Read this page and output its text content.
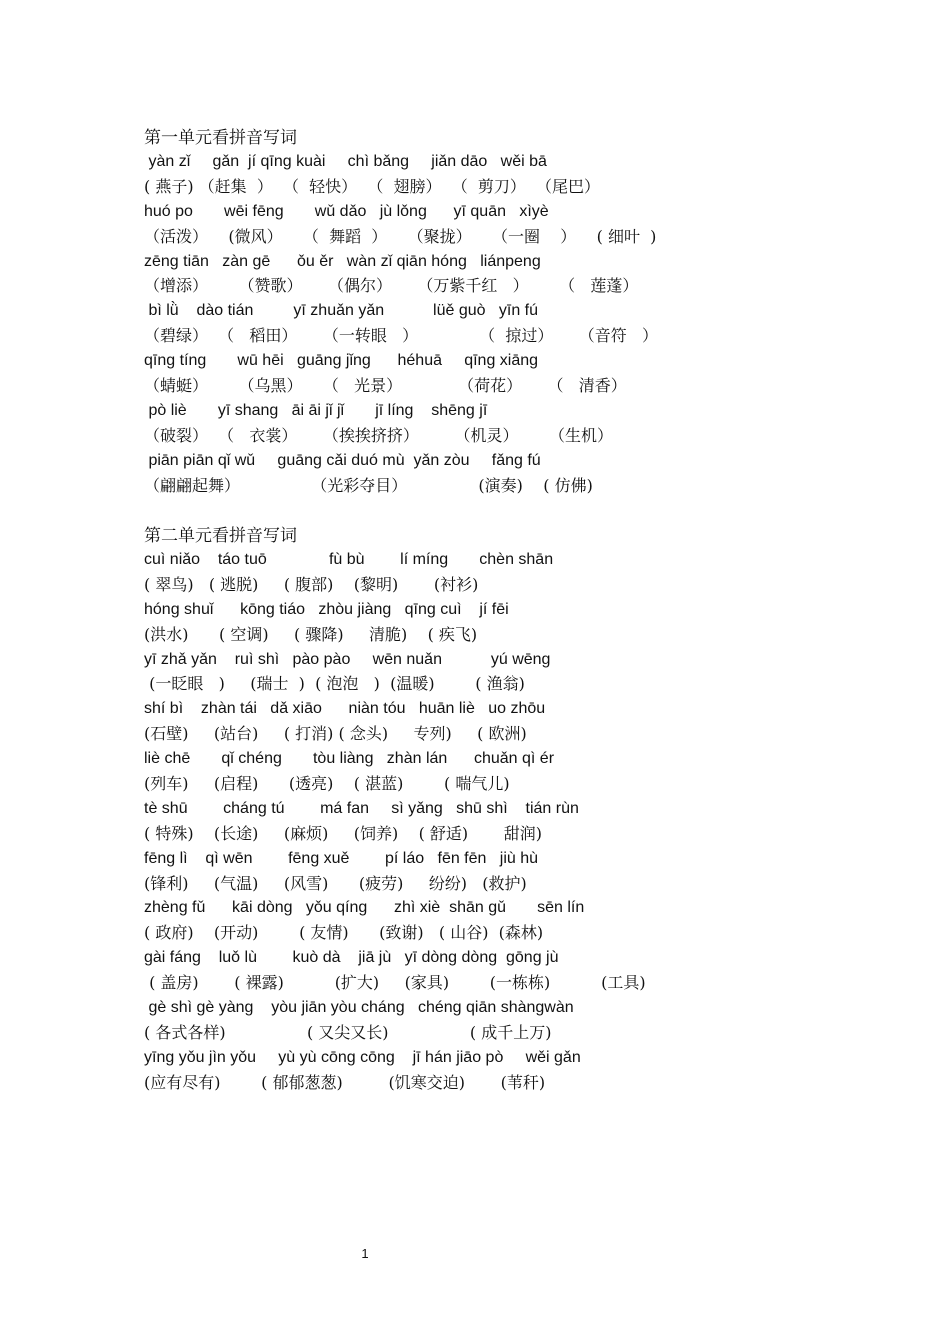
第一单元看拼音写词
yàn zǐ     gǎn  jí qīng kuài     chì bǎng     jiǎn dāo   wěi bā
( 燕子) （赶集  ）  （  轻快）  （  翅膀）  （  剪刀）  （尾巴）
huó po       wēi fēng       wǔ dǎo   jù lǒng      yī quān   xìyè
（活泼）    (微风）    （  舞蹈  ）    （聚拢）    （一圈    ）    ( 细叶  )
zēng tiān   zàn gē      ǒu ěr   wàn zǐ qiān hóng   liánpeng
（增添）      （赞歌）     （偶尔）     （万紫千红   ）      （   莲蓬）
bì lǜ    dào tián         yī zhuǎn yǎn           lüě guò   yīn fú
（碧绿）  （   稻田）     （一转眼   ）            （  掠过）     （音符   ）
qīng tíng       wū hēi   guāng jǐng      héhuā     qīng xiāng
（蜻蜓）      （乌黑）    （   光景）           （荷花）     （   清香）
pò liè       yī shang   āi āi jǐ jǐ       jī líng    shēng jī
（破裂）  （   衣裳）     （挨挨挤挤）       （机灵）      （生机）
piān piān qǐ wǔ     guāng cǎi duó mù  yǎn zòu     fǎng fú
（翩翩起舞）              （光彩夺目）              (演奏)    ( 仿佛)
第二单元看拼音写词
cuì niǎo    táo tuō              fù bù        lí míng       chèn shān
( 翠鸟)   ( 逃脱)     ( 腹部)    (黎明)       (衬衫)
hóng shuǐ      kōng tiáo   zhòu jiàng   qīng cuì    jí fēi
(洪水)      ( 空调)     ( 骤降)     清脆)    ( 疾飞)
yī zhǎ yǎn    ruì shì   pào pào     wēn nuǎn           yú wēng
(一眨眼   )     (瑞士  )  ( 泡泡   )  (温暖)        ( 渔翁)
shí bì    zhàn tái   dǎ xiāo      niàn tóu   huān liè   uo zhōu
(石壁)     (站台)     ( 打消) ( 念头)     专列)     ( 欧洲)
liè chē       qǐ chéng       tòu liàng   zhàn lán      chuǎn qì ér
(列车)     (启程)      (透亮)    ( 湛蓝)        ( 喘气儿)
tè shū        cháng tú        má fan     sì yǎng   shū shì    tián rùn
( 特殊)    (长途)     (麻烦)     (饲养)    ( 舒适)       甜润)
fēng lì    qì wēn        fēng xuě        pí láo   fēn fēn   jiù hù
(锋利)     (气温)     (风雪)      (疲劳)     纷纷)   (救护)
zhèng fǔ      kāi dòng   yǒu qíng      zhì xiè  shān gǔ       sēn lín
( 政府)    (开动)        ( 友情)      (致谢)   ( 山谷)  (森林)
gài fáng    luǒ lù        kuò dà    jiā jù   yī dòng dòng  gōng jù
( 盖房)       ( 裸露)          (扩大)     (家具)        (一栋栋)          (工具)
gè shì gè yàng    yòu jiān yòu cháng   chéng qiān shàngwàn
( 各式各样)                ( 又尖又长)                ( 成千上万)
yīng yǒu jìn yǒu     yù yù cōng cōng    jī hán jiāo pò     wěi gǎn
(应有尽有)        ( 郁郁葱葱)         (饥寒交迫)       (苇秆)
1
